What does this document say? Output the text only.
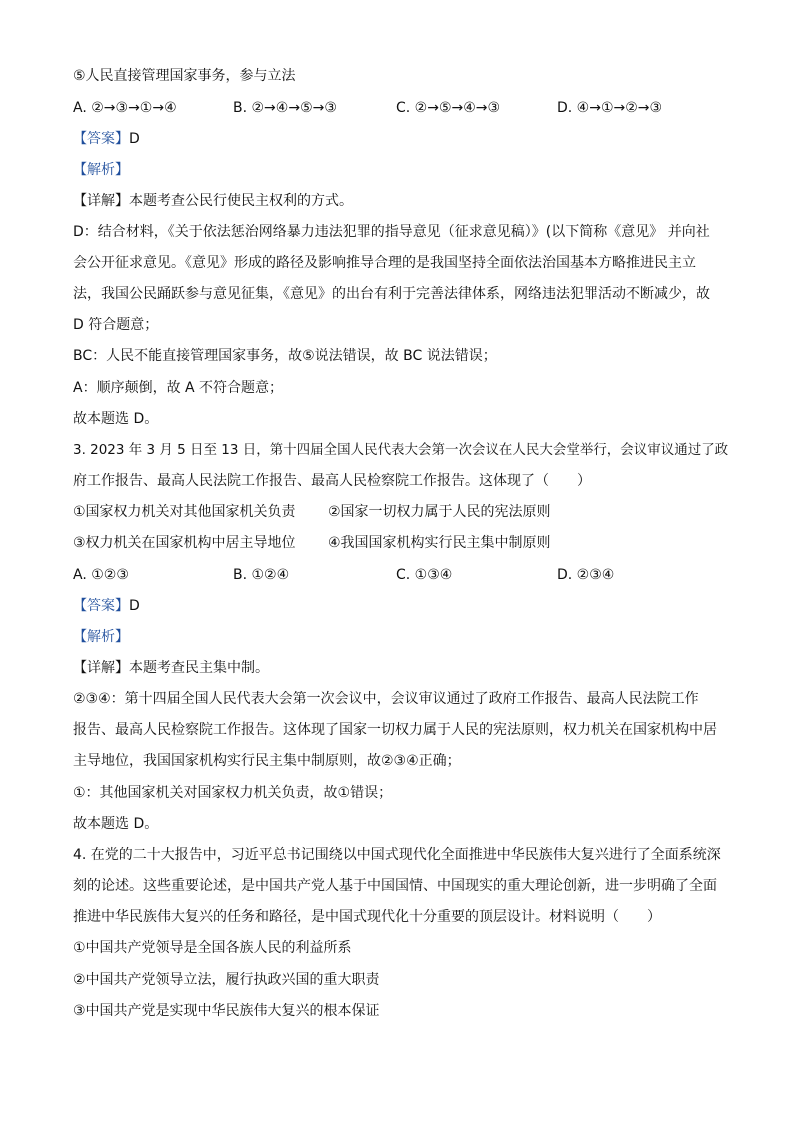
⑤人民直接管理国家事务，参与立法
A. ②→③→①→④	B. ②→④→⑤→③	C. ②→⑤→④→③	D. ④→①→②→③
【答案】D
【解析】
【详解】本题考查公民行使民主权利的方式。
D：结合材料，《关于依法惩治网络暴力违法犯罪的指导意见（征求意见稿）》(以下简称《意见》 并向社
会公开征求意见。《意见》形成的路径及影响推导合理的是我国坚持全面依法治国基本方略推进民主立
法，我国公民踊跃参与意见征集，《意见》的出台有利于完善法律体系，网络违法犯罪活动不断减少，故
D 符合题意；
BC：人民不能直接管理国家事务，故⑤说法错误，故 BC 说法错误；
A：顺序颠倒，故 A 不符合题意；
故本题选 D。
3. 2023 年 3 月 5 日至 13 日，第十四届全国人民代表大会第一次会议在人民大会堂举行，会议审议通过了政
府工作报告、最高人民法院工作报告、最高人民检察院工作报告。这体现了（　　）
①国家权力机关对其他国家机关负责 ②国家一切权力属于人民的宪法原则
③权力机关在国家机构中居主导地位 ④我国国家机构实行民主集中制原则
A. ①②③	B. ①②④	C. ①③④	D. ②③④
【答案】D
【解析】
【详解】本题考查民主集中制。
②③④：第十四届全国人民代表大会第一次会议中，会议审议通过了政府工作报告、最高人民法院工作
报告、最高人民检察院工作报告。这体现了国家一切权力属于人民的宪法原则，权力机关在国家机构中居
主导地位，我国国家机构实行民主集中制原则，故②③④正确；
①：其他国家机关对国家权力机关负责，故①错误；
故本题选 D。
4. 在党的二十大报告中，习近平总书记围绕以中国式现代化全面推进中华民族伟大复兴进行了全面系统深
刻的论述。这些重要论述，是中国共产党人基于中国国情、中国现实的重大理论创新，进一步明确了全面
推进中华民族伟大复兴的任务和路径，是中国式现代化十分重要的顶层设计。材料说明（　　）
①中国共产党领导是全国各族人民的利益所系
②中国共产党领导立法，履行执政兴国的重大职责
③中国共产党是实现中华民族伟大复兴的根本保证
